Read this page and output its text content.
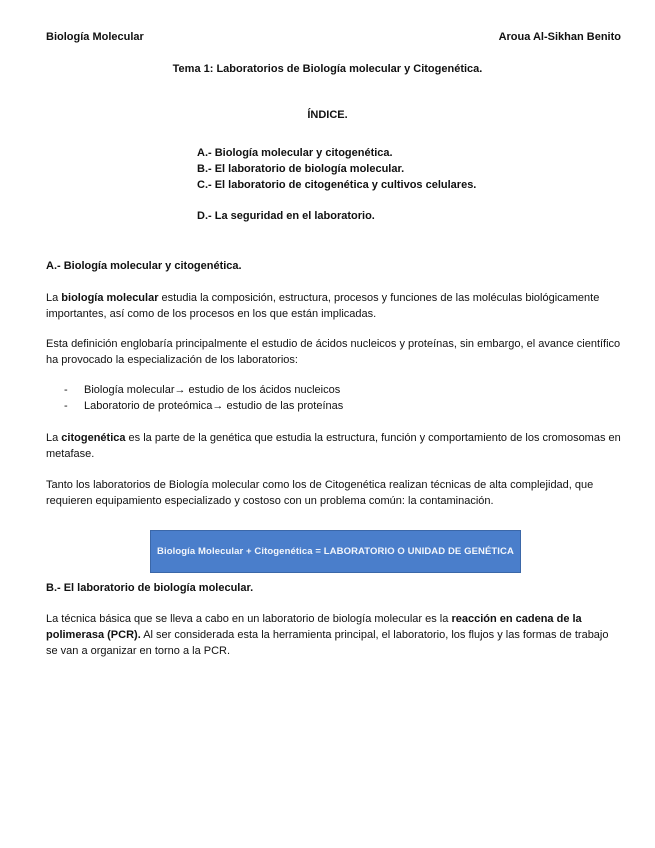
Biología Molecular	Aroua Al-Sikhan Benito
Tema 1: Laboratorios de Biología molecular y Citogenética.
ÍNDICE.
A.- Biología molecular y citogenética.
B.- El laboratorio de biología molecular.
C.- El laboratorio de citogenética y cultivos celulares.
D.- La seguridad en el laboratorio.
A.- Biología molecular y citogenética.
La biología molecular estudia la composición, estructura, procesos y funciones de las moléculas biológicamente importantes, así como de los procesos en los que están implicadas.
Esta definición englobaría principalmente el estudio de ácidos nucleicos y proteínas, sin embargo, el avance científico ha provocado la especialización de los laboratorios:
- Biología molecular→ estudio de los ácidos nucleicos
- Laboratorio de proteómica→ estudio de las proteínas
La citogenética es la parte de la genética que estudia la estructura, función y comportamiento de los cromosomas en metafase.
Tanto los laboratorios de Biología molecular como los de Citogenética realizan técnicas de alta complejidad, que requieren equipamiento especializado y costoso con un problema común: la contaminación.
Biología Molecular + Citogenética = LABORATORIO O UNIDAD DE GENÉTICA
B.- El laboratorio de biología molecular.
La técnica básica que se lleva a cabo en un laboratorio de biología molecular es la reacción en cadena de la polimerasa (PCR). Al ser considerada esta la herramienta principal, el laboratorio, los flujos y las formas de trabajo se van a organizar en torno a la PCR.
